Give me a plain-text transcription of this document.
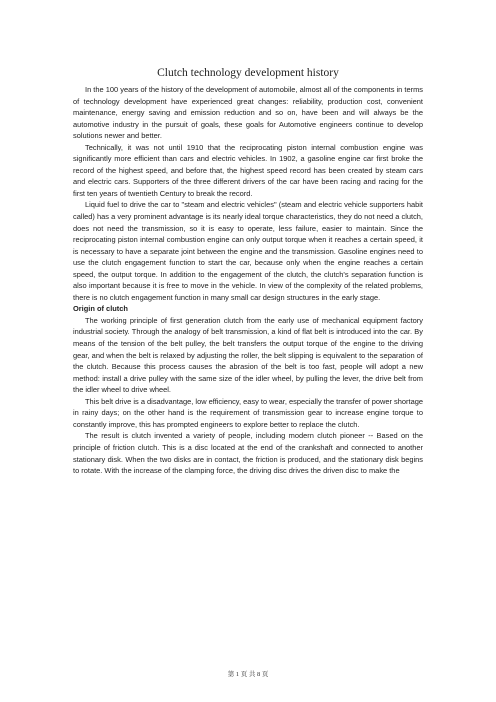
Clutch technology development history

In the 100 years of the history of the development of automobile, almost all of the components in terms of technology development have experienced great changes: reliability, production cost, convenient maintenance, energy saving and emission reduction and so on, have been and will always be the automotive industry in the pursuit of goals, these goals for Automotive engineers continue to develop solutions newer and better.

Technically, it was not until 1910 that the reciprocating piston internal combustion engine was significantly more efficient than cars and electric vehicles. In 1902, a gasoline engine car first broke the record of the highest speed, and before that, the highest speed record has been created by steam cars and electric cars. Supporters of the three different drivers of the car have been racing and racing for the first ten years of twentieth Century to break the record.

Liquid fuel to drive the car to "steam and electric vehicles" (steam and electric vehicle supporters habit called) has a very prominent advantage is its nearly ideal torque characteristics, they do not need a clutch, does not need the transmission, so it is easy to operate, less failure, easier to maintain. Since the reciprocating piston internal combustion engine can only output torque when it reaches a certain speed, it is necessary to have a separate joint between the engine and the transmission. Gasoline engines need to use the clutch engagement function to start the car, because only when the engine reaches a certain speed, the output torque. In addition to the engagement of the clutch, the clutch's separation function is also important because it is free to move in the vehicle. In view of the complexity of the related problems, there is no clutch engagement function in many small car design structures in the early stage.

Origin of clutch

The working principle of first generation clutch from the early use of mechanical equipment factory industrial society. Through the analogy of belt transmission, a kind of flat belt is introduced into the car. By means of the tension of the belt pulley, the belt transfers the output torque of the engine to the driving gear, and when the belt is relaxed by adjusting the roller, the belt slipping is equivalent to the separation of the clutch. Because this process causes the abrasion of the belt is too fast, people will adopt a new method: install a drive pulley with the same size of the idler wheel, by pulling the lever, the drive belt from the idler wheel to drive wheel.

This belt drive is a disadvantage, low efficiency, easy to wear, especially the transfer of power shortage in rainy days; on the other hand is the requirement of transmission gear to increase engine torque to constantly improve, this has prompted engineers to explore better to replace the clutch.

The result is clutch invented a variety of people, including modern clutch pioneer -- Based on the principle of friction clutch. This is a disc located at the end of the crankshaft and connected to another stationary disk. When the two disks are in contact, the friction is produced, and the stationary disk begins to rotate. With the increase of the clamping force, the driving disc drives the driven disc to make the

第 1 页 共 8 页
